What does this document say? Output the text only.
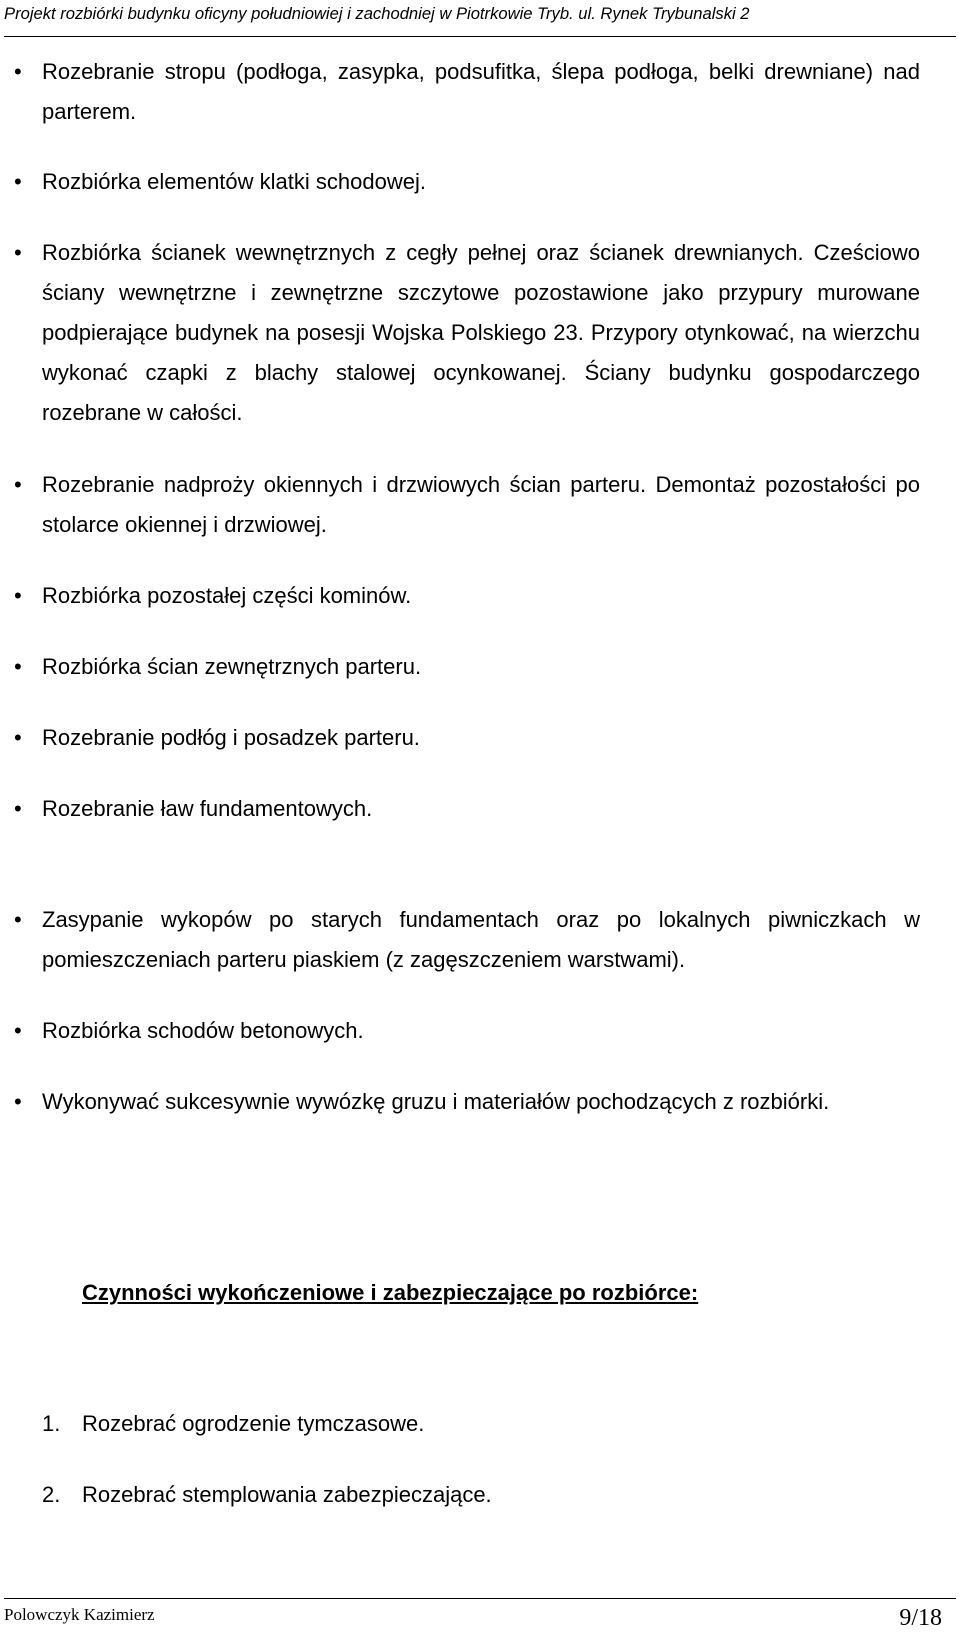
Projekt rozbiórki budynku oficyny południowiej i zachodniej w Piotrkowie Tryb. ul. Rynek Trybunalski 2
• Rozebranie stropu (podłoga, zasypka, podsufitka, ślepa podłoga, belki drewniane) nad parterem.
• Rozbiórka elementów klatki schodowej.
• Rozbiórka ścianek wewnętrznych z cegły pełnej oraz ścianek drewnianych. Cześciowo ściany wewnętrzne i zewnętrzne szczytowe pozostawione jako przypury murowane podpierające budynek na posesji Wojska Polskiego 23. Przypory otynkować, na wierzchu wykonać czapki z blachy stalowej ocynkowanej. Ściany budynku gospodarczego rozebrane w całości.
• Rozebranie nadproży okiennych i drzwiowych ścian parteru. Demontaż pozostałości po stolarce okiennej i drzwiowej.
• Rozbiórka pozostałej części kominów.
• Rozbiórka ścian zewnętrznych parteru.
• Rozebranie podłóg i posadzek parteru.
• Rozebranie ław fundamentowych.
• Zasypanie wykopów po starych fundamentach oraz po lokalnych piwniczkach w pomieszczeniach parteru piaskiem (z zagęszczeniem warstwami).
• Rozbiórka schodów betonowych.
• Wykonywać sukcesywnie wywózkę gruzu i materiałów pochodzących z rozbiórki.
Czynności wykończeniowe i zabezpieczające po rozbiórce:
1. Rozebrać ogrodzenie tymczasowe.
2. Rozebrać stemplowania zabezpieczające.
Polowczyk Kazimierz	9/18
